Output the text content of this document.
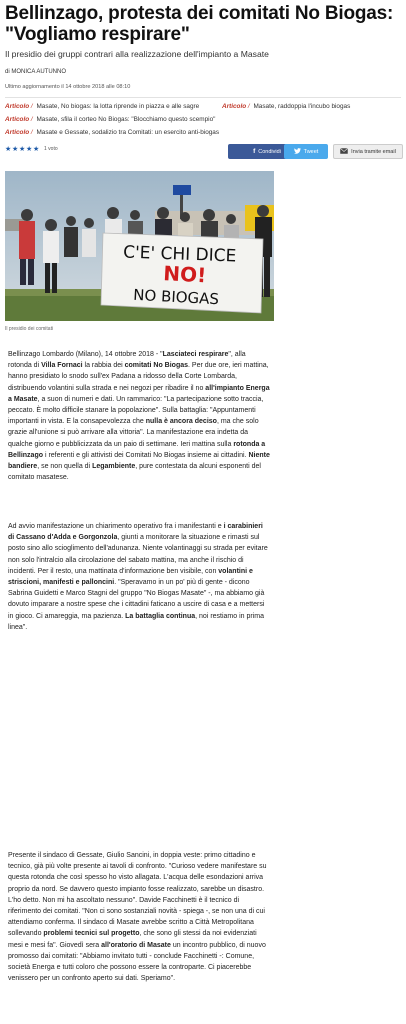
Bellinzago, protesta dei comitati No Biogas: "Vogliamo respirare"
Il presidio dei gruppi contrari alla realizzazione dell'impianto a Masate
di MONICA AUTUNNO
Ultimo aggiornamento il 14 ottobre 2018 alle 08:10
Articolo / Masate, No biogas: la lotta riprende in piazza e alle sagre	Articolo / Masate, raddoppia l'incubo biogas
Articolo / Masate, sfila il corteo No Biogas: "Blocchiamo questo scempio"
Articolo / Masate e Gessate, sodalizio tra Comitati: un esercito anti-biogas
★ ★ ★ ★ ★ 1 voto	f Condividi	Tweet	Invia tramite email
C'E' CHI DICE
NO!
NO BIOGAS
Il presidio dei comitati

Bellinzago Lombardo (Milano), 14 ottobre 2018 - "Lasciateci respirare", alla rotonda di Villa Fornaci la rabbia dei comitati No Biogas. Per due ore, ieri mattina, hanno presidiato lo snodo sull'ex Padana a ridosso della Corte Lombarda, distribuendo volantini sulla strada e nei negozi per ribadire il no all'impianto Energa a Masate, a suon di numeri e dati. Un rammarico: "La partecipazione sotto traccia, peccato. È molto difficile stanare la popolazione". Sulla battaglia: "Appuntamenti importanti in vista. E la consapevolezza che nulla è ancora deciso, ma che solo grazie all'unione si può arrivare alla vittoria". La manifestazione era indetta da qualche giorno e pubblicizzata da un paio di settimane. Ieri mattina sulla rotonda a Bellinzago i referenti e gli attivisti dei Comitati No Biogas insieme ai cittadini. Niente bandiere, se non quella di Legambiente, pure contestata da alcuni esponenti del comitato masatese.

Ad avvio manifestazione un chiarimento operativo fra i manifestanti e i carabinieri di Cassano d'Adda e Gorgonzola, giunti a monitorare la situazione e rimasti sul posto sino allo scioglimento dell'adunanza. Niente volantinaggi su strada per evitare non solo l'intralcio alla circolazione del sabato mattina, ma anche il rischio di incidenti. Per il resto, una mattinata d'informazione ben visibile, con volantini e striscioni, manifesti e palloncini. "Speravamo in un po' più di gente - dicono Sabrina Guidetti e Marco Stagni del gruppo "No Biogas Masate" -, ma abbiamo già dovuto imparare a nostre spese che i cittadini faticano a uscire di casa e a mettersi in gioco. Ci amareggia, ma pazienza. La battaglia continua, noi restiamo in prima linea".

Presente il sindaco di Gessate, Giulio Sancini, in doppia veste: primo cittadino e tecnico, già più volte presente ai tavoli di confronto. "Curioso vedere manifestare su questa rotonda che così spesso ho visto allagata. L'acqua delle esondazioni arriva proprio da nord. Se davvero questo impianto fosse realizzato, sarebbe un disastro. L'ho detto. Non mi ha ascoltato nessuno". Davide Facchinetti è il tecnico di riferimento dei comitati. "Non ci sono sostanziali novità - spiega -, se non una di cui attendiamo conferma. Il sindaco di Masate avrebbe scritto a Città Metropolitana sollevando problemi tecnici sul progetto, che sono gli stessi da noi evidenziati mesi e mesi fa". Giovedì sera all'oratorio di Masate un incontro pubblico, di nuovo promosso dai comitati: "Abbiamo invitato tutti - conclude Facchinetti -: Comune, società Energa e tutti coloro che possono essere la controparte. Ci piacerebbe venissero per un confronto aperto sui dati. Speriamo".
